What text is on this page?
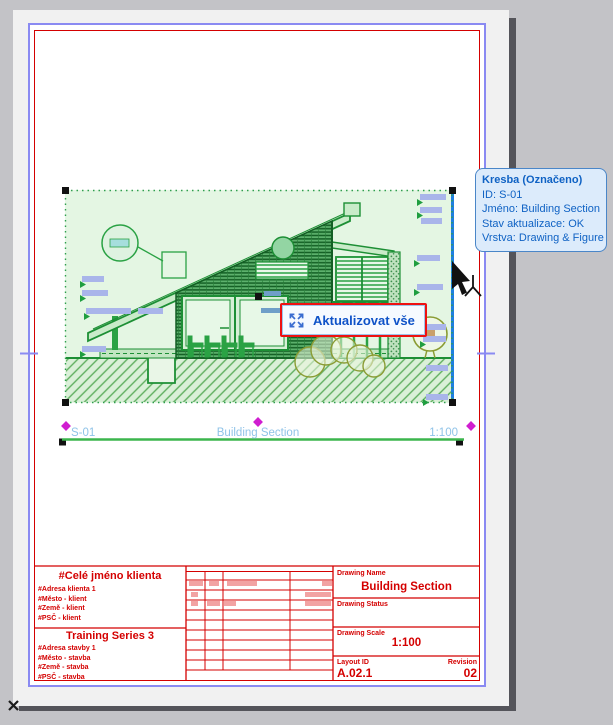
S-01	Building Section	1:100
#Celé jméno klienta
#Adresa klienta 1
#Město - klient
#Země - klient
#PSČ - klient
Training Series 3
#Adresa stavby 1
#Město - stavba
#Země - stavba
#PSČ - stavba
Drawing Name
Building Section
Drawing Status
Drawing Scale
1:100
Layout ID
A.02.1
Revision
02
Aktualizovat vše
Kresba (Označeno)
ID: S-01
Jméno: Building Section
Stav aktualizace: OK
Vrstva: Drawing & Figure
